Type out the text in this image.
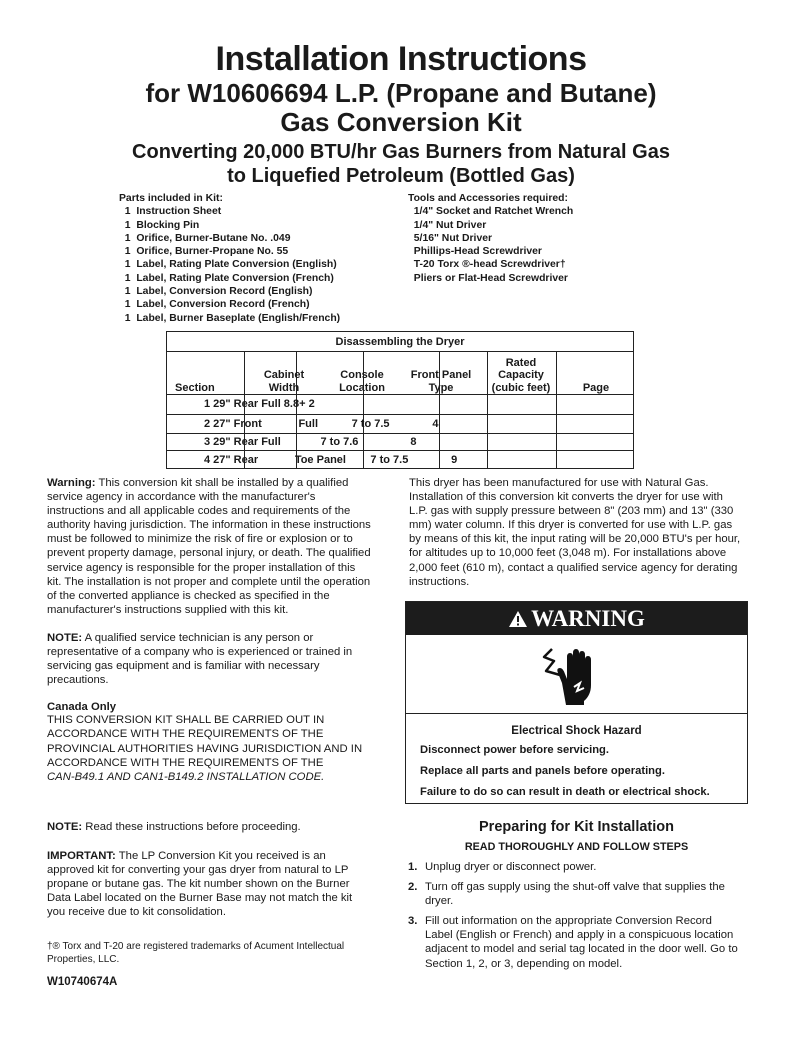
Installation Instructions
for W10606694 L.P. (Propane and Butane)
Gas Conversion Kit
Converting 20,000 BTU/hr Gas Burners from Natural Gas
to Liquefied Petroleum (Bottled Gas)
Parts included in Kit:
1  Instruction Sheet
1  Blocking Pin
1  Orifice, Burner-Butane No. .049
1  Orifice, Burner-Propane No. 55
1  Label, Rating Plate Conversion (English)
1  Label, Rating Plate Conversion (French)
1  Label, Conversion Record (English)
1  Label, Conversion Record (French)
1  Label, Burner Baseplate (English/French)
Tools and Accessories required:
1/4" Socket and Ratchet Wrench
1/4" Nut Driver
5/16" Nut Driver
Phillips-Head Screwdriver
T-20 Torx ®-head Screwdriver†
Pliers or Flat-Head Screwdriver
Disassembling the Dryer
Section
Cabinet
Width
Console
Location
Front Panel
Type
Rated
Capacity
(cubic feet)	Page
1 29" Rear Full 8.8+ 2
2 27" Front            Full           7 to 7.5              4
3 29" Rear Full             7 to 7.6                 8
4 27" Rear            Toe Panel        7 to 7.5              9
Warning: This conversion kit shall be installed by a qualified service agency in accordance with the manufacturer's instructions and all applicable codes and requirements of the authority having jurisdiction. The information in these instructions must be followed to minimize the risk of fire or explosion or to prevent property damage, personal injury, or death. The qualified service agency is responsible for the proper installation of this kit. The installation is not proper and complete until the operation of the converted appliance is checked as specified in the manufacturer's instructions supplied with this kit.
NOTE: A qualified service technician is any person or representative of a company who is experienced or trained in servicing gas equipment and is familiar with necessary precautions.
Canada Only
THIS CONVERSION KIT SHALL BE CARRIED OUT IN ACCORDANCE WITH THE REQUIREMENTS OF THE PROVINCIAL AUTHORITIES HAVING JURISDICTION AND IN ACCORDANCE WITH THE REQUIREMENTS OF THE
CAN-B49.1 AND CAN1-B149.2 INSTALLATION CODE.
NOTE: Read these instructions before proceeding.
IMPORTANT: The LP Conversion Kit you received is an approved kit for converting your gas dryer from natural to LP propane or butane gas. The kit number shown on the Burner Data Label located on the Burner Base may not match the kit you receive due to kit consolidation.
†® Torx and T-20 are registered trademarks of Acument Intellectual Properties, LLC.
W10740674A
This dryer has been manufactured for use with Natural Gas. Installation of this conversion kit converts the dryer for use with L.P. gas with supply pressure between 8" (203 mm) and 13" (330 mm) water column. If this dryer is converted for use with L.P. gas by means of this kit, the input rating will be 20,000 BTU's per hour, for altitudes up to 10,000 feet (3,048 m). For installations above 2,000 feet (610 m), contact a qualified service agency for derating instructions.
WARNING
Electrical Shock Hazard
Disconnect power before servicing.
Replace all parts and panels before operating.
Failure to do so can result in death or electrical shock.
Preparing for Kit Installation
READ THOROUGHLY AND FOLLOW STEPS
1. Unplug dryer or disconnect power.
2. Turn off gas supply using the shut-off valve that supplies the dryer.
3. Fill out information on the appropriate Conversion Record Label (English or French) and apply in a conspicuous location adjacent to model and serial tag located in the door well. Go to Section 1, 2, or 3, depending on model.
